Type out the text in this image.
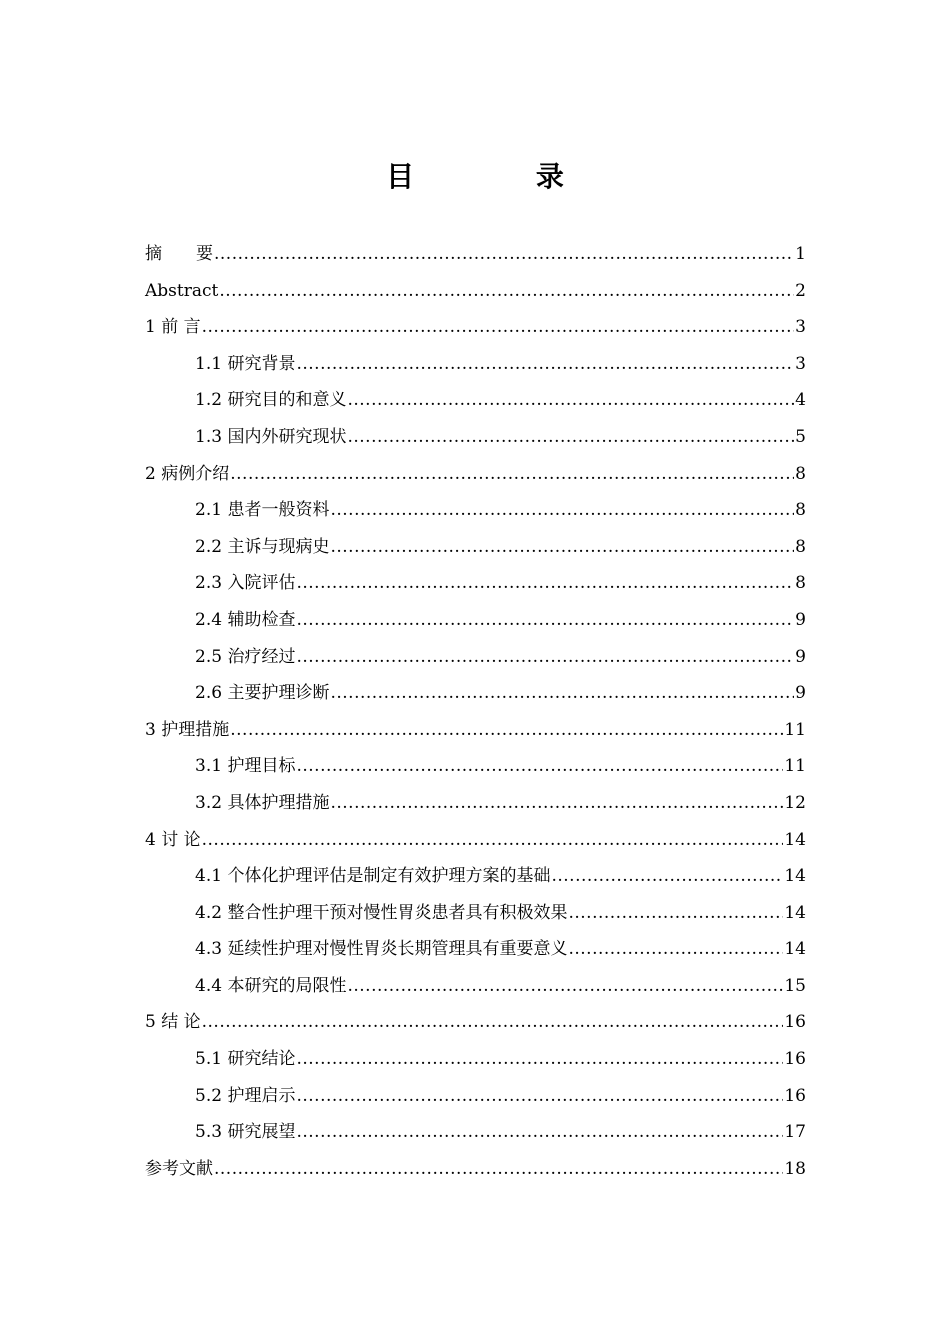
目 录
摘　　要 .....	1
Abstract .....	2
1 前 言 .....	3
1.1 研究背景 .....	3
1.2 研究目的和意义 .....	4
1.3 国内外研究现状 .....	5
2 病例介绍 .....	8
2.1 患者一般资料 .....	8
2.2 主诉与现病史 .....	8
2.3 入院评估 .....	8
2.4 辅助检查 .....	9
2.5 治疗经过 .....	9
2.6 主要护理诊断 .....	9
3 护理措施 .....	11
3.1 护理目标 .....	11
3.2 具体护理措施 .....	12
4 讨 论 .....	14
4.1 个体化护理评估是制定有效护理方案的基础 .....	14
4.2 整合性护理干预对慢性胃炎患者具有积极效果 .....	14
4.3 延续性护理对慢性胃炎长期管理具有重要意义 .....	14
4.4 本研究的局限性 .....	15
5 结 论 .....	16
5.1 研究结论 .....	16
5.2 护理启示 .....	16
5.3 研究展望 .....	17
参考文献 .....	18
